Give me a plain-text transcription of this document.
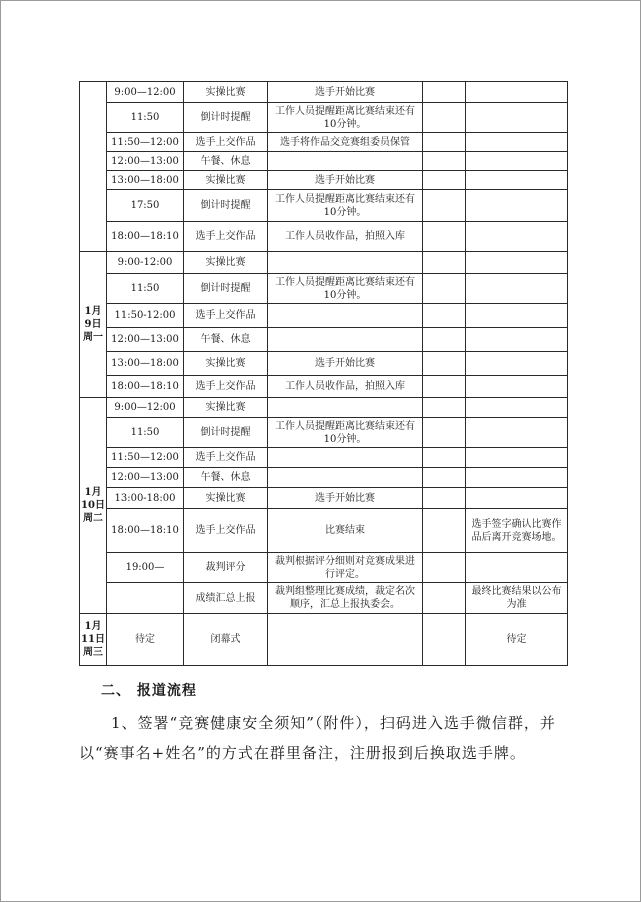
	9:00—12:00	实操比赛	选手开始比赛		
	11:50	倒计时提醒	工作人员提醒距离比赛结束还有10分钟。		
	11:50—12:00	选手上交作品	选手将作品交竞赛组委员保管		
	12:00—13:00	午餐、休息			
	13:00—18:00	实操比赛	选手开始比赛		
	17:50	倒计时提醒	工作人员提醒距离比赛结束还有10分钟。		
	18:00—18:10	选手上交作品	工作人员收作品，拍照入库		

1月
9日
周一	9:00-12:00	实操比赛			
	11:50	倒计时提醒	工作人员提醒距离比赛结束还有10分钟。		
	11:50-12:00	选手上交作品			
	12:00—13:00	午餐、休息			
	13:00—18:00	实操比赛	选手开始比赛		
	18:00—18:10	选手上交作品	工作人员收作品，拍照入库		

1月
10日
周二	9:00—12:00	实操比赛			
	11:50	倒计时提醒	工作人员提醒距离比赛结束还有10分钟。		
	11:50—12:00	选手上交作品			
	12:00—13:00	午餐、休息			
	13:00-18:00	实操比赛	选手开始比赛		
	18:00—18:10	选手上交作品	比赛结束		选手签字确认比赛作品后离开竞赛场地。
	19:00—	裁判评分	裁判根据评分细则对竞赛成果进行评定。		
		成绩汇总上报	裁判组整理比赛成绩，裁定名次顺序，汇总上报执委会。		最终比赛结果以公布为准

1月
11日
周三	待定	闭幕式			待定
二、 报道流程

1、签署“竞赛健康安全须知”（附件），扫码进入选手微信群，并以“赛事名+姓名”的方式在群里备注，注册报到后换取选手牌。
